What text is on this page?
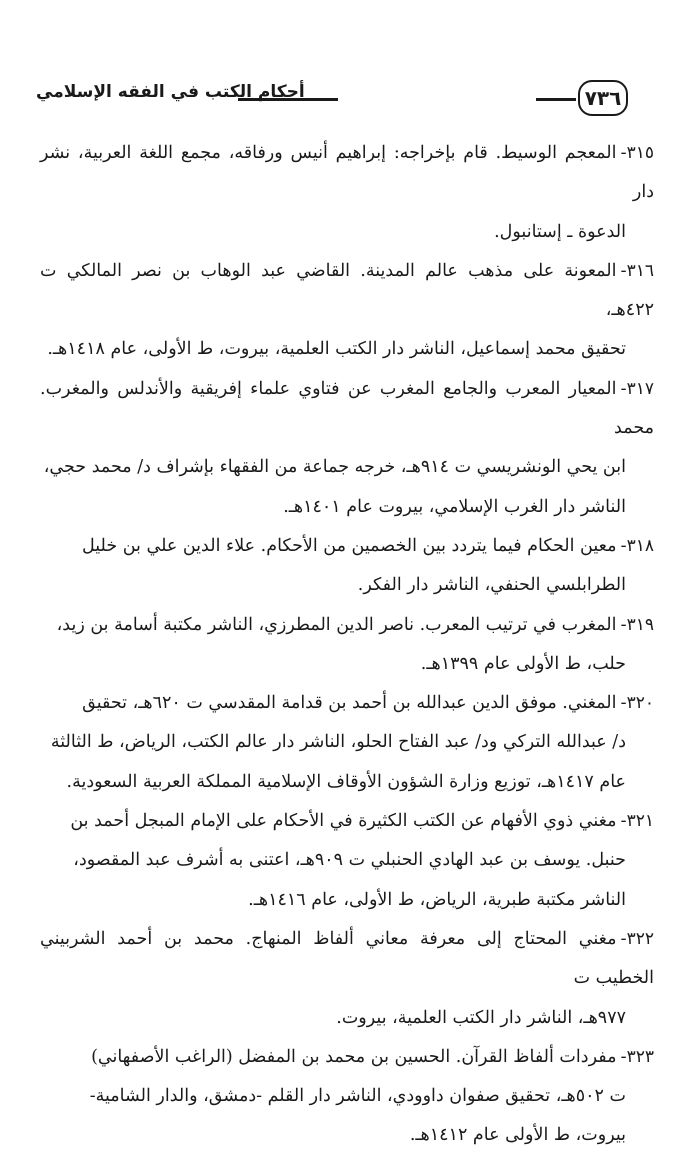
٧٣٦
أحكام الكتب في الفقه الإسلامي
٣١٥-المعجم الوسيط. قام بإخراجه: إبراهيم أنيس ورفاقه، مجمع اللغة العربية، نشر دار
الدعوة ـ إستانبول.
٣١٦-المعونة على مذهب عالم المدينة. القاضي عبد الوهاب بن نصر المالكي ت ٤٢٢هـ،
تحقيق محمد إسماعيل، الناشر دار الكتب العلمية، بيروت، ط الأولى، عام ١٤١٨هـ.
٣١٧-المعيار المعرب والجامع المغرب عن فتاوي علماء إفريقية والأندلس والمغرب. محمد
ابن يحي الونشريسي ت ٩١٤هـ، خرجه جماعة من الفقهاء بإشراف د/ محمد حجي،
الناشر دار الغرب الإسلامي، بيروت عام ١٤٠١هـ.
٣١٨-معين الحكام فيما يتردد بين الخصمين من الأحكام. علاء الدين علي بن خليل
الطرابلسي الحنفي، الناشر دار الفكر.
٣١٩-المغرب في ترتيب المعرب. ناصر الدين المطرزي، الناشر مكتبة أسامة بن زيد،
حلب، ط الأولى عام ١٣٩٩هـ.
٣٢٠-المغني. موفق الدين عبدالله بن أحمد بن قدامة المقدسي ت ٦٢٠هـ، تحقيق
د/ عبدالله التركي ود/ عبد الفتاح الحلو، الناشر دار عالم الكتب، الرياض، ط الثالثة
عام ١٤١٧هـ، توزيع وزارة الشؤون الأوقاف الإسلامية المملكة العربية السعودية.
٣٢١-مغني ذوي الأفهام عن الكتب الكثيرة في الأحكام على الإمام المبجل أحمد بن
حنبل. يوسف بن عبد الهادي الحنبلي ت ٩٠٩هـ، اعتنى به أشرف عبد المقصود،
الناشر مكتبة طبرية، الرياض، ط الأولى، عام ١٤١٦هـ.
٣٢٢-مغني المحتاج إلى معرفة معاني ألفاظ المنهاج. محمد بن أحمد الشربيني الخطيب ت
٩٧٧هـ، الناشر دار الكتب العلمية، بيروت.
٣٢٣-مفردات ألفاظ القرآن. الحسين بن محمد بن المفضل (الراغب الأصفهاني)
ت ٥٠٢هـ، تحقيق صفوان داوودي، الناشر دار القلم -دمشق، والدار الشامية-
بيروت، ط الأولى عام ١٤١٢هـ.
